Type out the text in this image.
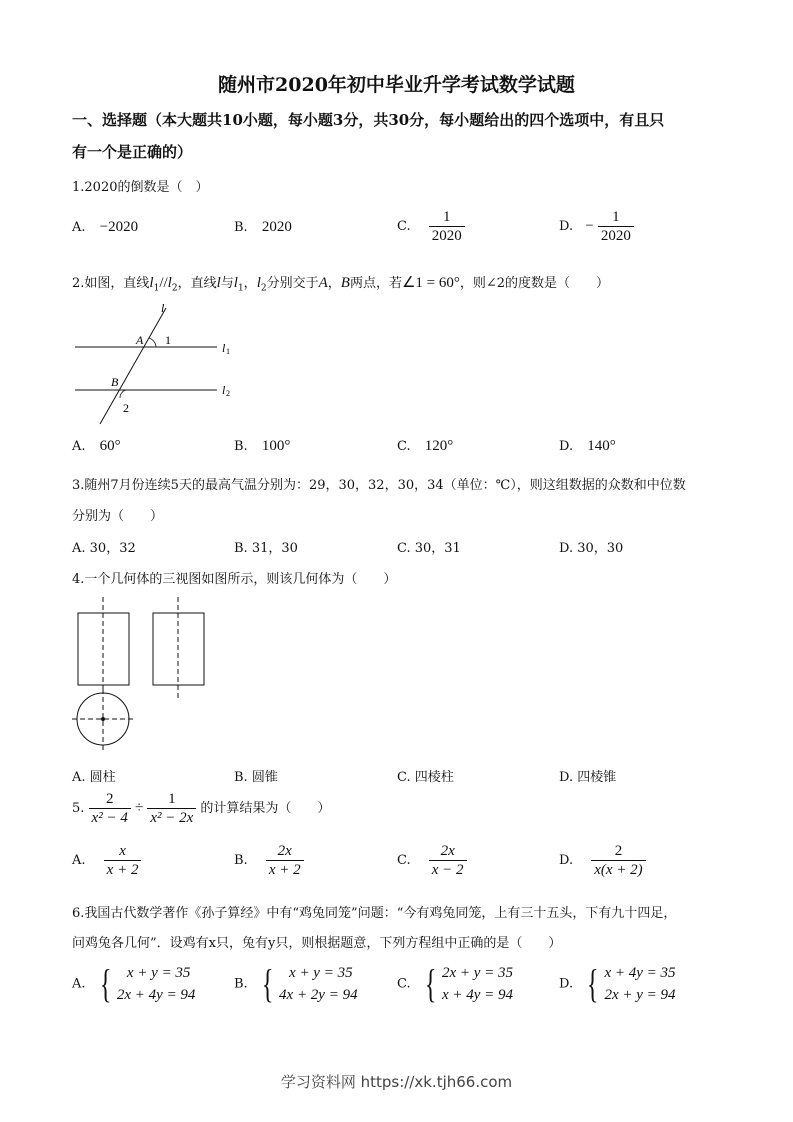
随州市2020年初中毕业升学考试数学试题
一、选择题（本大题共10小题，每小题3分，共30分，每小题给出的四个选项中，有且只
有一个是正确的）
1.2020的倒数是（　）
A. −2020	B. 2020	C. $\frac{1}{2020}$	D. − $\frac{1}{2020}$
2.如图，直线$l_1//l_2$，直线l与$l_1$，$l_2$分别交于A，B两点，若∠1 = 60°，则∠2的度数是（　　）
l
A 1
l 1
B
2
l 2
A. 60°	B. 100°	C. 120°	D. 140°
3.随州7月份连续5天的最高气温分别为：29，30，32，30，34（单位：℃），则这组数据的众数和中位数
分别为（　　）
A. 30，32	B. 31，30	C. 30，31	D. 30，30
4.一个几何体的三视图如图所示，则该几何体为（　　）
A. 圆柱	B. 圆锥	C. 四棱柱	D. 四棱锥
5. $\frac{2}{\text{x² − 4}} \div \frac{1}{\text{x² − 2x}}$ 的计算结果为（　　）
A. $\frac{x}{x + 2}$	B. $\frac{2x}{x + 2}$	C. $\frac{2x}{x - 2}$	D. $\frac{2}{x(x + 2)}$
6.我国古代数学著作《孙子算经》中有“鸡兔同笼”问题：“今有鸡兔同笼，上有三十五头，下有九十四足，
问鸡兔各几何”．设鸡有x只，兔有y只，则根据题意，下列方程组中正确的是（　　）
A. {	x + y = 35
2x + 4y = 94
B. {	x + y = 35
4x + 2y = 94
C. { 2x + y = 35
x + 4y = 94
D. { x + 4y = 35
2x + y = 94
学习资料网 https://xk.tjh66.com
